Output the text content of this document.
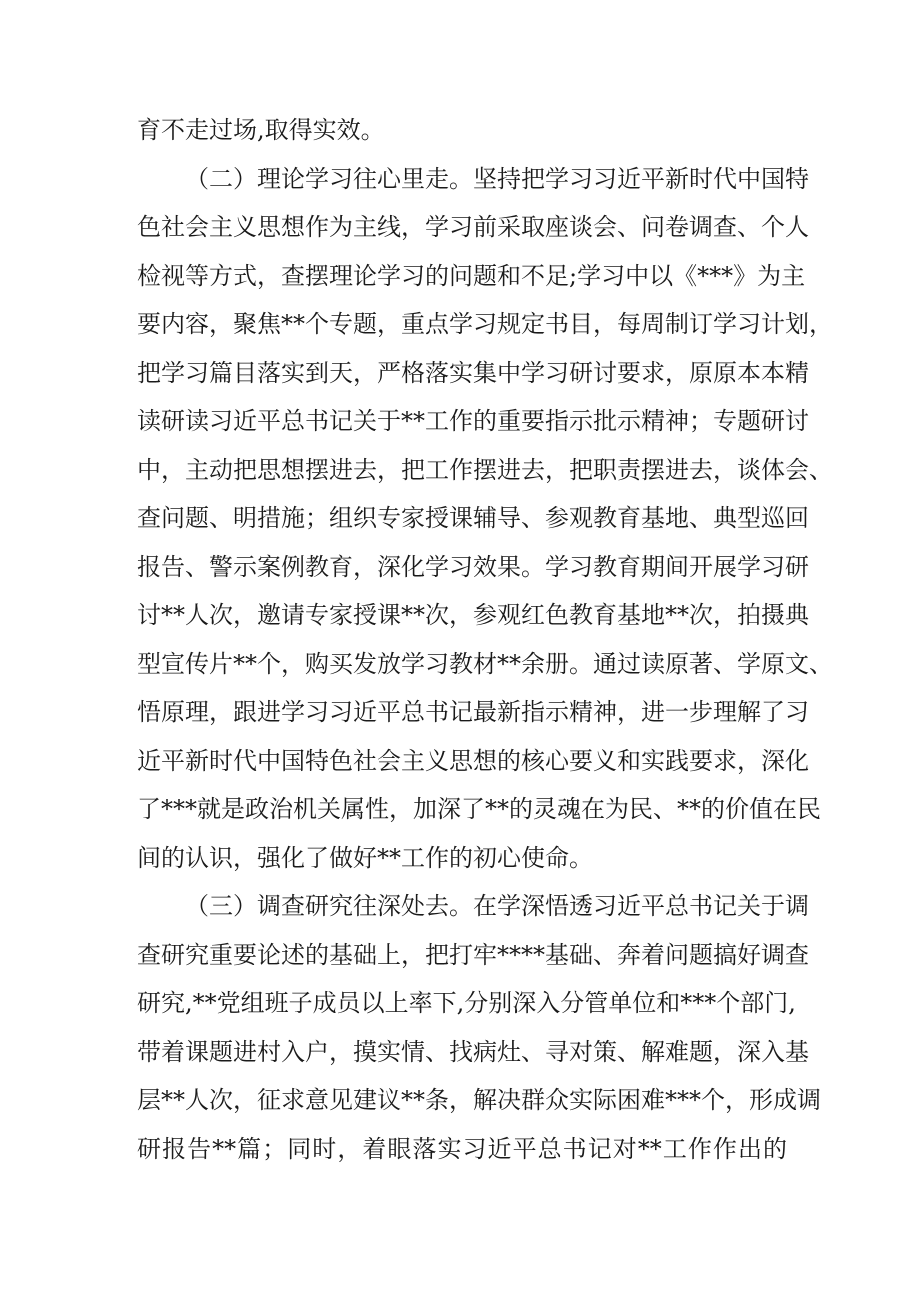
育不走过场,取得实效。
（二）理论学习往心里走。坚持把学习习近平新时代中国特
色社会主义思想作为主线，学习前采取座谈会、问卷调查、个人
检视等方式，查摆理论学习的问题和不足;学习中以《***》为主
要内容，聚焦**个专题，重点学习规定书目，每周制订学习计划，
把学习篇目落实到天，严格落实集中学习研讨要求，原原本本精
读研读习近平总书记关于**工作的重要指示批示精神；专题研讨
中，主动把思想摆进去，把工作摆进去，把职责摆进去，谈体会、
查问题、明措施；组织专家授课辅导、参观教育基地、典型巡回
报告、警示案例教育，深化学习效果。学习教育期间开展学习研
讨**人次，邀请专家授课**次，参观红色教育基地**次，拍摄典
型宣传片**个，购买发放学习教材**余册。通过读原著、学原文、
悟原理，跟进学习习近平总书记最新指示精神，进一步理解了习
近平新时代中国特色社会主义思想的核心要义和实践要求，深化
了***就是政治机关属性，加深了**的灵魂在为民、**的价值在民
间的认识，强化了做好**工作的初心使命。
（三）调查研究往深处去。在学深悟透习近平总书记关于调
查研究重要论述的基础上，把打牢****基础、奔着问题搞好调查
研究,**党组班子成员以上率下,分别深入分管单位和***个部门,
带着课题进村入户，摸实情、找病灶、寻对策、解难题，深入基
层**人次，征求意见建议**条，解决群众实际困难***个，形成调
研报告**篇；同时，着眼落实习近平总书记对**工作作出的
